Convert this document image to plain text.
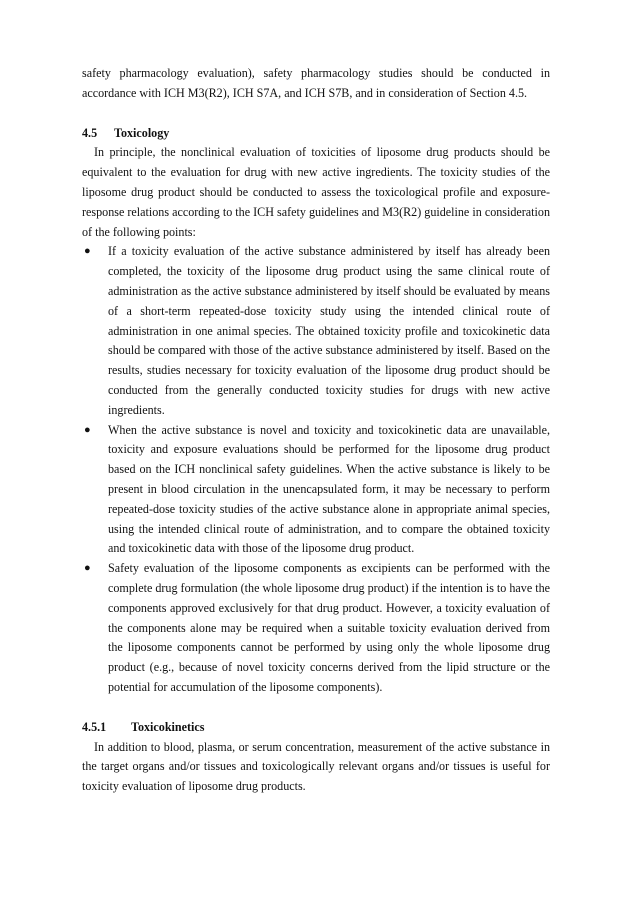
safety pharmacology evaluation), safety pharmacology studies should be conducted in accordance with ICH M3(R2), ICH S7A, and ICH S7B, and in consideration of Section 4.5.

4.5 Toxicology

In principle, the nonclinical evaluation of toxicities of liposome drug products should be equivalent to the evaluation for drug with new active ingredients. The toxicity studies of the liposome drug product should be conducted to assess the toxicological profile and exposure-response relations according to the ICH safety guidelines and M3(R2) guideline in consideration of the following points:

● If a toxicity evaluation of the active substance administered by itself has already been completed, the toxicity of the liposome drug product using the same clinical route of administration as the active substance administered by itself should be evaluated by means of a short-term repeated-dose toxicity study using the intended clinical route of administration in one animal species. The obtained toxicity profile and toxicokinetic data should be compared with those of the active substance administered by itself. Based on the results, studies necessary for toxicity evaluation of the liposome drug product should be conducted from the generally conducted toxicity studies for drugs with new active ingredients.
● When the active substance is novel and toxicity and toxicokinetic data are unavailable, toxicity and exposure evaluations should be performed for the liposome drug product based on the ICH nonclinical safety guidelines. When the active substance is likely to be present in blood circulation in the unencapsulated form, it may be necessary to perform repeated-dose toxicity studies of the active substance alone in appropriate animal species, using the intended clinical route of administration, and to compare the obtained toxicity and toxicokinetic data with those of the liposome drug product.
● Safety evaluation of the liposome components as excipients can be performed with the complete drug formulation (the whole liposome drug product) if the intention is to have the components approved exclusively for that drug product. However, a toxicity evaluation of the components alone may be required when a suitable toxicity evaluation derived from the liposome components cannot be performed by using only the whole liposome drug product (e.g., because of novel toxicity concerns derived from the lipid structure or the potential for accumulation of the liposome components).
4.5.1 Toxicokinetics

In addition to blood, plasma, or serum concentration, measurement of the active substance in the target organs and/or tissues and toxicologically relevant organs and/or tissues is useful for toxicity evaluation of liposome drug products.
